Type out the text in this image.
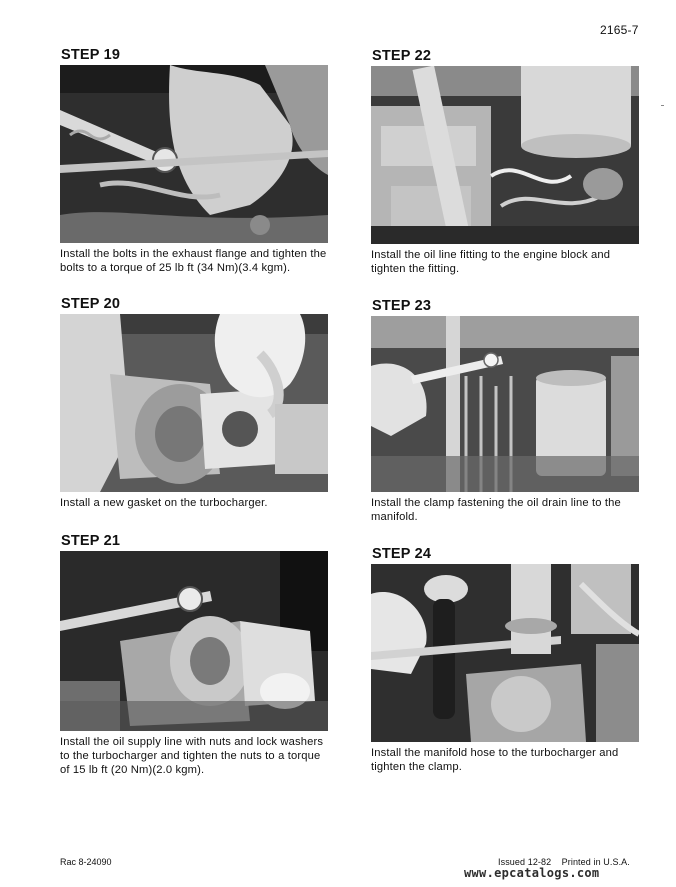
2165-7
STEP 19
Install the bolts in the exhaust flange and tighten the bolts to a torque of 25 lb ft (34 Nm)(3.4 kgm).
STEP 20
Install a new gasket on the turbocharger.
STEP 21
Install the oil supply line with nuts and lock washers to the turbocharger and tighten the nuts to a torque of 15 lb ft (20 Nm)(2.0 kgm).
STEP 22
Install the oil line fitting to the engine block and tighten the fitting.
STEP 23
Install the clamp fastening the oil drain line to the manifold.
STEP 24
Install the manifold hose to the turbocharger and tighten the clamp.
Rac 8-24090	Issued 12-82 Printed in U.S.A.
www.epcatalogs.com
